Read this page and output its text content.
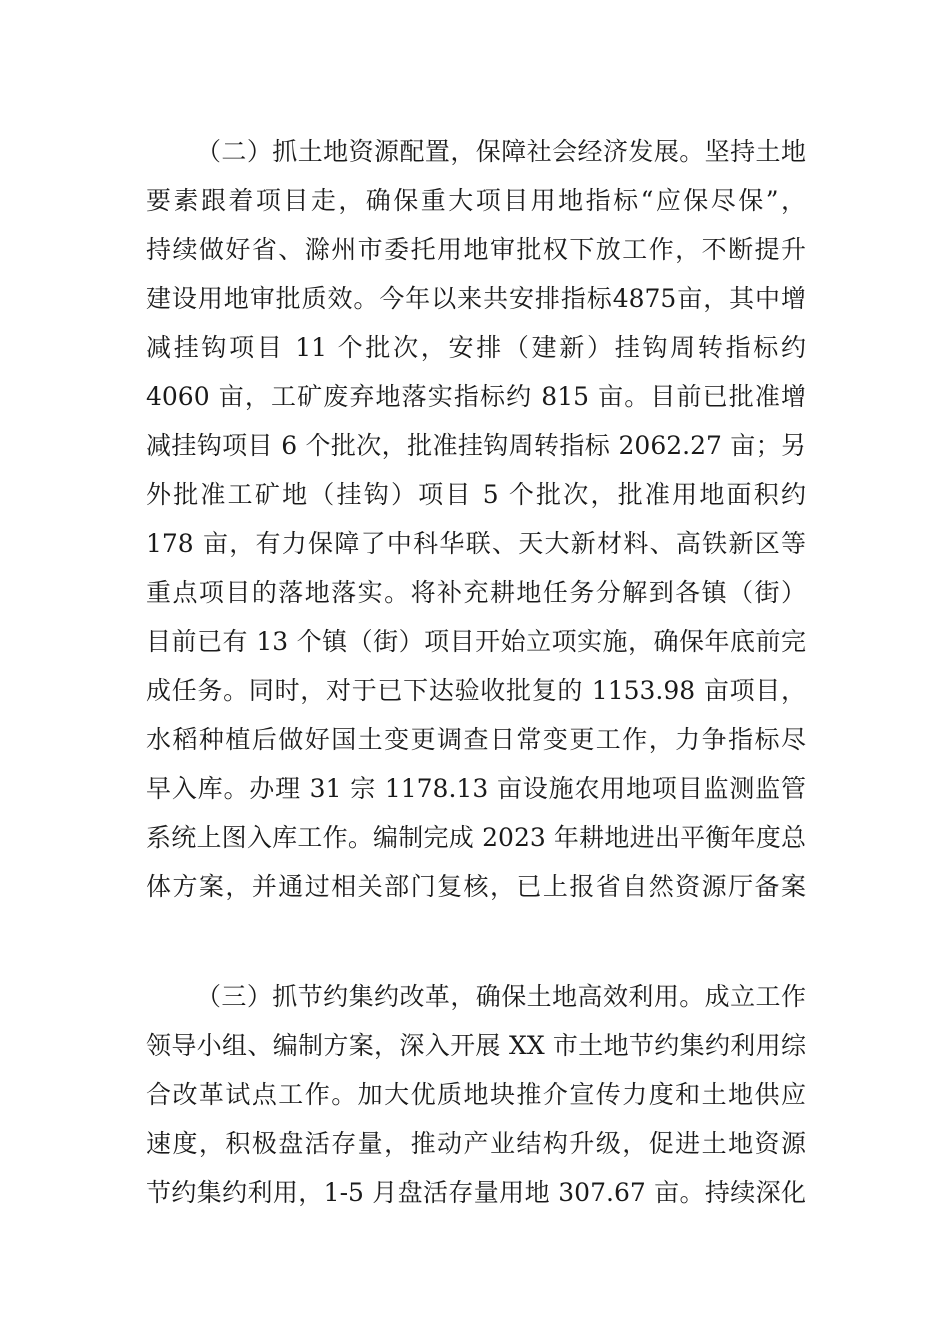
（二）抓土地资源配置，保障社会经济发展。坚持土地
要素跟着项目走，确保重大项目用地指标“应保尽保”，
持续做好省、滁州市委托用地审批权下放工作，不断提升
建设用地审批质效。今年以来共安排指标4875亩，其中增
减挂钩项目 11 个批次，安排（建新）挂钩周转指标约
4060 亩，工矿废弃地落实指标约 815 亩。目前已批准增
减挂钩项目 6 个批次，批准挂钩周转指标 2062.27 亩；另
外批准工矿地（挂钩）项目 5 个批次，批准用地面积约
178 亩，有力保障了中科华联、天大新材料、高铁新区等
重点项目的落地落实。将补充耕地任务分解到各镇（街）
目前已有 13 个镇（街）项目开始立项实施，确保年底前完
成任务。同时，对于已下达验收批复的 1153.98 亩项目，
水稻种植后做好国土变更调查日常变更工作，力争指标尽
早入库。办理 31 宗 1178.13 亩设施农用地项目监测监管
系统上图入库工作。编制完成 2023 年耕地进出平衡年度总
体方案，并通过相关部门复核，已上报省自然资源厅备案
（三）抓节约集约改革，确保土地高效利用。成立工作
领导小组、编制方案，深入开展 XX 市土地节约集约利用综
合改革试点工作。加大优质地块推介宣传力度和土地供应
速度，积极盘活存量，推动产业结构升级，促进土地资源
节约集约利用，1-5 月盘活存量用地 307.67 亩。持续深化
